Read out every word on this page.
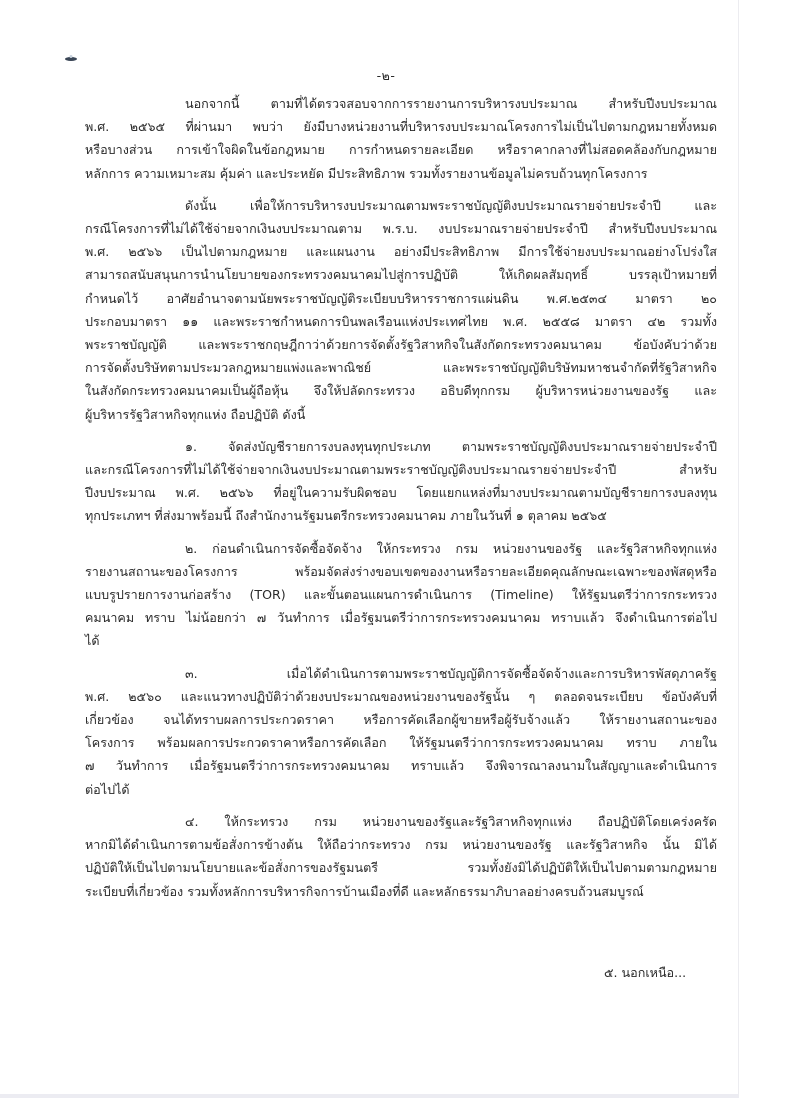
-๒-
นอกจากนี้ ตามที่ได้ตรวจสอบจากการรายงานการบริหารงบประมาณ สำหรับปีงบประมาณ
พ.ศ. ๒๕๖๕ ที่ผ่านมา พบว่า ยังมีบางหน่วยงานที่บริหารงบประมาณโครงการไม่เป็นไปตามกฎหมายทั้งหมด
หรือบางส่วน การเข้าใจผิดในข้อกฎหมาย การกำหนดรายละเอียด หรือราคากลางที่ไม่สอดคล้องกับกฎหมาย
หลักการ ความเหมาะสม คุ้มค่า และประหยัด มีประสิทธิภาพ รวมทั้งรายงานข้อมูลไม่ครบถ้วนทุกโครงการ
ดังนั้น เพื่อให้การบริหารงบประมาณตามพระราชบัญญัติงบประมาณรายจ่ายประจำปี และ
กรณีโครงการที่ไม่ได้ใช้จ่ายจากเงินงบประมาณตาม พ.ร.บ. งบประมาณรายจ่ายประจำปี สำหรับปีงบประมาณ
พ.ศ. ๒๕๖๖ เป็นไปตามกฎหมาย และแผนงาน อย่างมีประสิทธิภาพ มีการใช้จ่ายงบประมาณอย่างโปร่งใส
สามารถสนับสนุนการนำนโยบายของกระทรวงคมนาคมไปสู่การปฏิบัติ ให้เกิดผลสัมฤทธิ์ บรรลุเป้าหมายที่
กำหนดไว้ อาศัยอำนาจตามนัยพระราชบัญญัติระเบียบบริหารราชการแผ่นดิน พ.ศ.๒๕๓๔ มาตรา ๒๐
ประกอบมาตรา ๑๑ และพระราชกำหนดการบินพลเรือนแห่งประเทศไทย พ.ศ. ๒๕๕๘ มาตรา ๔๒ รวมทั้ง
พระราชบัญญัติ และพระราชกฤษฎีกาว่าด้วยการจัดตั้งรัฐวิสาหกิจในสังกัดกระทรวงคมนาคม ข้อบังคับว่าด้วย
การจัดตั้งบริษัทตามประมวลกฎหมายแพ่งและพาณิชย์ และพระราชบัญญัติบริษัทมหาชนจำกัดที่รัฐวิสาหกิจ
ในสังกัดกระทรวงคมนาคมเป็นผู้ถือหุ้น จึงให้ปลัดกระทรวง อธิบดีทุกกรม ผู้บริหารหน่วยงานของรัฐ และ
ผู้บริหารรัฐวิสาหกิจทุกแห่ง ถือปฏิบัติ ดังนี้
๑. จัดส่งบัญชีรายการงบลงทุนทุกประเภท ตามพระราชบัญญัติงบประมาณรายจ่ายประจำปี
และกรณีโครงการที่ไม่ได้ใช้จ่ายจากเงินงบประมาณตามพระราชบัญญัติงบประมาณรายจ่ายประจำปี สำหรับ
ปีงบประมาณ พ.ศ. ๒๕๖๖ ที่อยู่ในความรับผิดชอบ โดยแยกแหล่งที่มางบประมาณตามบัญชีรายการงบลงทุน
ทุกประเภทฯ ที่ส่งมาพร้อมนี้ ถึงสำนักงานรัฐมนตรีกระทรวงคมนาคม ภายในวันที่ ๑ ตุลาคม ๒๕๖๕
๒. ก่อนดำเนินการจัดซื้อจัดจ้าง ให้กระทรวง กรม หน่วยงานของรัฐ และรัฐวิสาหกิจทุกแห่ง
รายงานสถานะของโครงการ พร้อมจัดส่งร่างขอบเขตของงานหรือรายละเอียดคุณลักษณะเฉพาะของพัสดุหรือ
แบบรูปรายการงานก่อสร้าง (TOR) และขั้นตอนแผนการดำเนินการ (Timeline) ให้รัฐมนตรีว่าการกระทรวง
คมนาคม ทราบ ไม่น้อยกว่า ๗ วันทำการ เมื่อรัฐมนตรีว่าการกระทรวงคมนาคม ทราบแล้ว จึงดำเนินการต่อไป
ได้
๓. เมื่อได้ดำเนินการตามพระราชบัญญัติการจัดซื้อจัดจ้างและการบริหารพัสดุภาครัฐ
พ.ศ. ๒๕๖๐ และแนวทางปฏิบัติว่าด้วยงบประมาณของหน่วยงานของรัฐนั้น ๆ ตลอดจนระเบียบ ข้อบังคับที่
เกี่ยวข้อง จนได้ทราบผลการประกวดราคา หรือการคัดเลือกผู้ขายหรือผู้รับจ้างแล้ว ให้รายงานสถานะของ
โครงการ พร้อมผลการประกวดราคาหรือการคัดเลือก ให้รัฐมนตรีว่าการกระทรวงคมนาคม ทราบ ภายใน
๗ วันทำการ เมื่อรัฐมนตรีว่าการกระทรวงคมนาคม ทราบแล้ว จึงพิจารณาลงนามในสัญญาและดำเนินการ
ต่อไปได้
๔. ให้กระทรวง กรม หน่วยงานของรัฐและรัฐวิสาหกิจทุกแห่ง ถือปฏิบัติโดยเคร่งครัด
หากมิได้ดำเนินการตามข้อสั่งการข้างต้น ให้ถือว่ากระทรวง กรม หน่วยงานของรัฐ และรัฐวิสาหกิจ นั้น มิได้
ปฏิบัติให้เป็นไปตามนโยบายและข้อสั่งการของรัฐมนตรี รวมทั้งยังมิได้ปฏิบัติให้เป็นไปตามตามกฎหมาย
ระเบียบที่เกี่ยวข้อง รวมทั้งหลักการบริหารกิจการบ้านเมืองที่ดี และหลักธรรมาภิบาลอย่างครบถ้วนสมบูรณ์
๕. นอกเหนือ...
